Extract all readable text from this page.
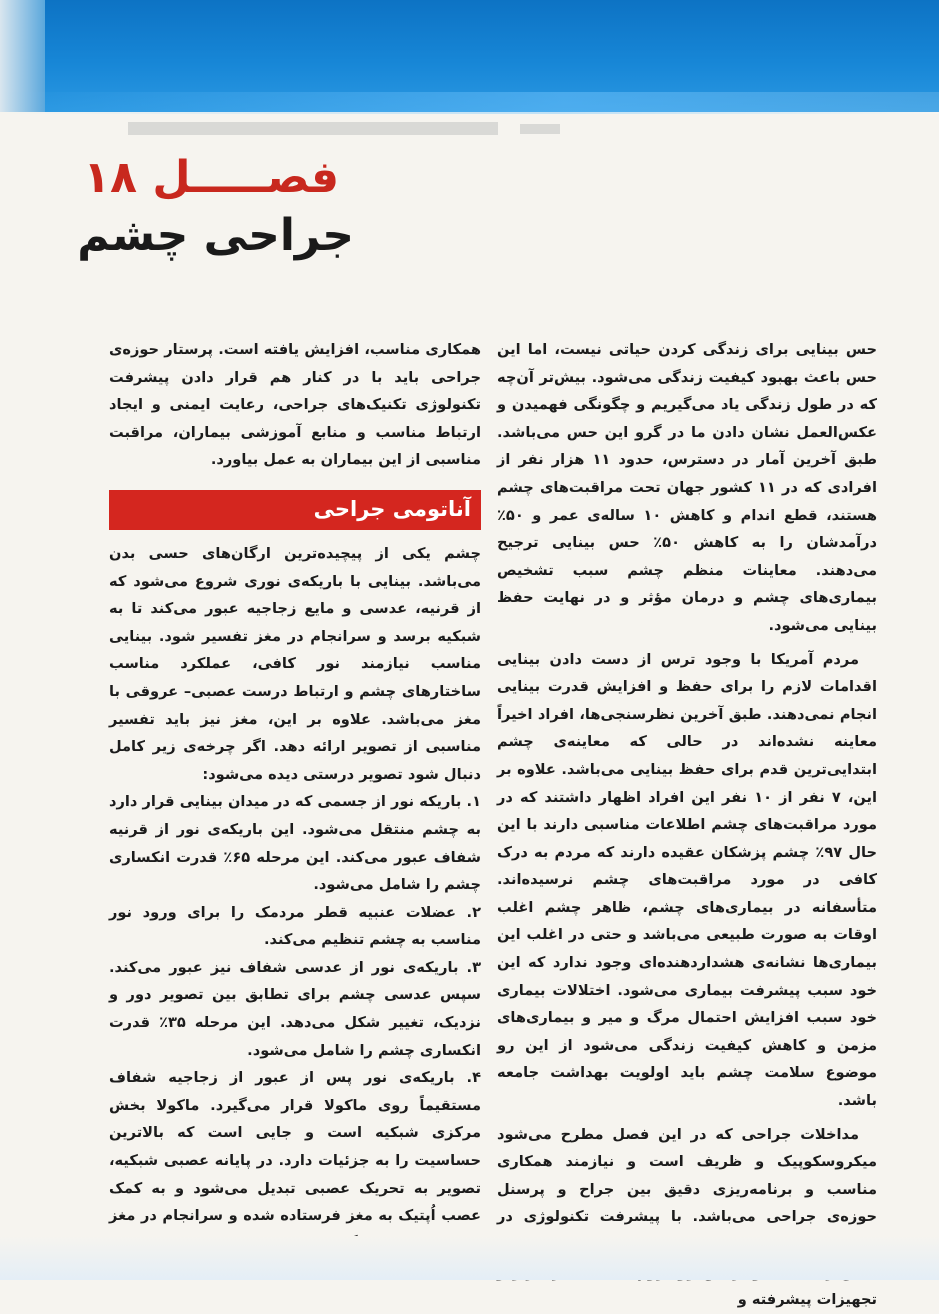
فصـــــل ۱۸
جراحی چشم

حس بینایی برای زندگی کردن حیاتی نیست، اما این حس باعث بهبود کیفیت زندگی می‌شود. بیش‌تر آن‌چه که در طول زندگی یاد می‌گیریم و چگونگی فهمیدن و عکس‌العمل نشان دادن ما در گرو این حس می‌باشد. طبق آخرین آمار در دسترس، حدود ۱۱ هزار نفر از افرادی که در ۱۱ کشور جهان تحت مراقبت‌های چشم هستند، قطع اندام و کاهش ۱۰ ساله‌ی عمر و ۵۰٪ درآمدشان را به کاهش ۵۰٪ حس بینایی ترجیح می‌دهند. معاینات منظم چشم سبب تشخیص بیماری‌های چشم و درمان مؤثر و در نهایت حفظ بینایی می‌شود.

مردم آمریکا با وجود ترس از دست دادن بینایی اقدامات لازم را برای حفظ و افزایش قدرت بینایی انجام نمی‌دهند. طبق آخرین نظرسنجی‌ها، افراد اخیراً معاینه نشده‌اند در حالی که معاینه‌ی چشم ابتدایی‌ترین قدم برای حفظ بینایی می‌باشد. علاوه بر این، ۷ نفر از ۱۰ نفر این افراد اظهار داشتند که در مورد مراقبت‌های چشم اطلاعات مناسبی دارند با این حال ۹۷٪ چشم پزشکان عقیده دارند که مردم به درک کافی در مورد مراقبت‌های چشم نرسیده‌اند. متأسفانه در بیماری‌های چشم، ظاهر چشم اغلب اوقات به صورت طبیعی می‌باشد و حتی در اغلب این بیماری‌ها نشانه‌ی هشداردهنده‌ای وجود ندارد که این خود سبب پیشرفت بیماری می‌شود. اختلالات بیماری خود سبب افزایش احتمال مرگ و میر و بیماری‌های مزمن و کاهش کیفیت زندگی می‌شود از این رو موضوع سلامت چشم باید اولویت بهداشت جامعه باشد.

مداخلات جراحی که در این فصل مطرح می‌شود میکروسکوپیک و ظریف است و نیازمند همکاری مناسب و برنامه‌ریزی دقیق بین جراح و پرسنل حوزه‌ی جراحی می‌باشد. با پیشرفت تکنولوژی در تجهیزات پیشرفته و

همکاری مناسب، افزایش یافته است. پرستار حوزه‌ی جراحی باید با در کنار هم قرار دادن پیشرفت تکنولوژی تکنیک‌های جراحی، رعایت ایمنی و ایجاد ارتباط مناسب و منابع آموزشی بیماران، مراقبت مناسبی از این بیماران به عمل بیاورد.

آناتومی جراحی

چشم یکی از پیچیده‌ترین ارگان‌های حسی بدن می‌باشد. بینایی با باریکه‌ی نوری شروع می‌شود که از قرنیه، عدسی و مایع زجاجیه عبور می‌کند تا به شبکیه برسد و سرانجام در مغز تفسیر شود. بینایی مناسب نیازمند نور کافی، عملکرد مناسب ساختارهای چشم و ارتباط درست عصبی– عروقی با مغز می‌باشد. علاوه بر این، مغز نیز باید تفسیر مناسبی از تصویر ارائه دهد. اگر چرخه‌ی زیر کامل دنبال شود تصویر درستی دیده می‌شود:

۱. باریکه نور از جسمی که در میدان بینایی قرار دارد به چشم منتقل می‌شود. این باریکه‌ی نور از قرنیه شفاف عبور می‌کند. این مرحله ۶۵٪ قدرت انکساری چشم را شامل می‌شود.

۲. عضلات عنبیه قطر مردمک را برای ورود نور مناسب به چشم تنظیم می‌کند.

۳. باریکه‌ی نور از عدسی شفاف نیز عبور می‌کند. سپس عدسی چشم برای تطابق بین تصویر دور و نزدیک، تغییر شکل می‌دهد. این مرحله ۳۵٪ قدرت انکساری چشم را شامل می‌شود.

۴. باریکه‌ی نور پس از عبور از زجاجیه شفاف مستقیماً روی ماکولا قرار می‌گیرد. ماکولا بخش مرکزی شبکیه است و جایی است که بالاترین حساسیت را به جزئیات دارد. در پایانه عصبی شبکیه، تصویر به تحریک عصبی تبدیل می‌شود و به کمک عصب اُپتیک به مغز فرستاده شده و سرانجام در مغز
